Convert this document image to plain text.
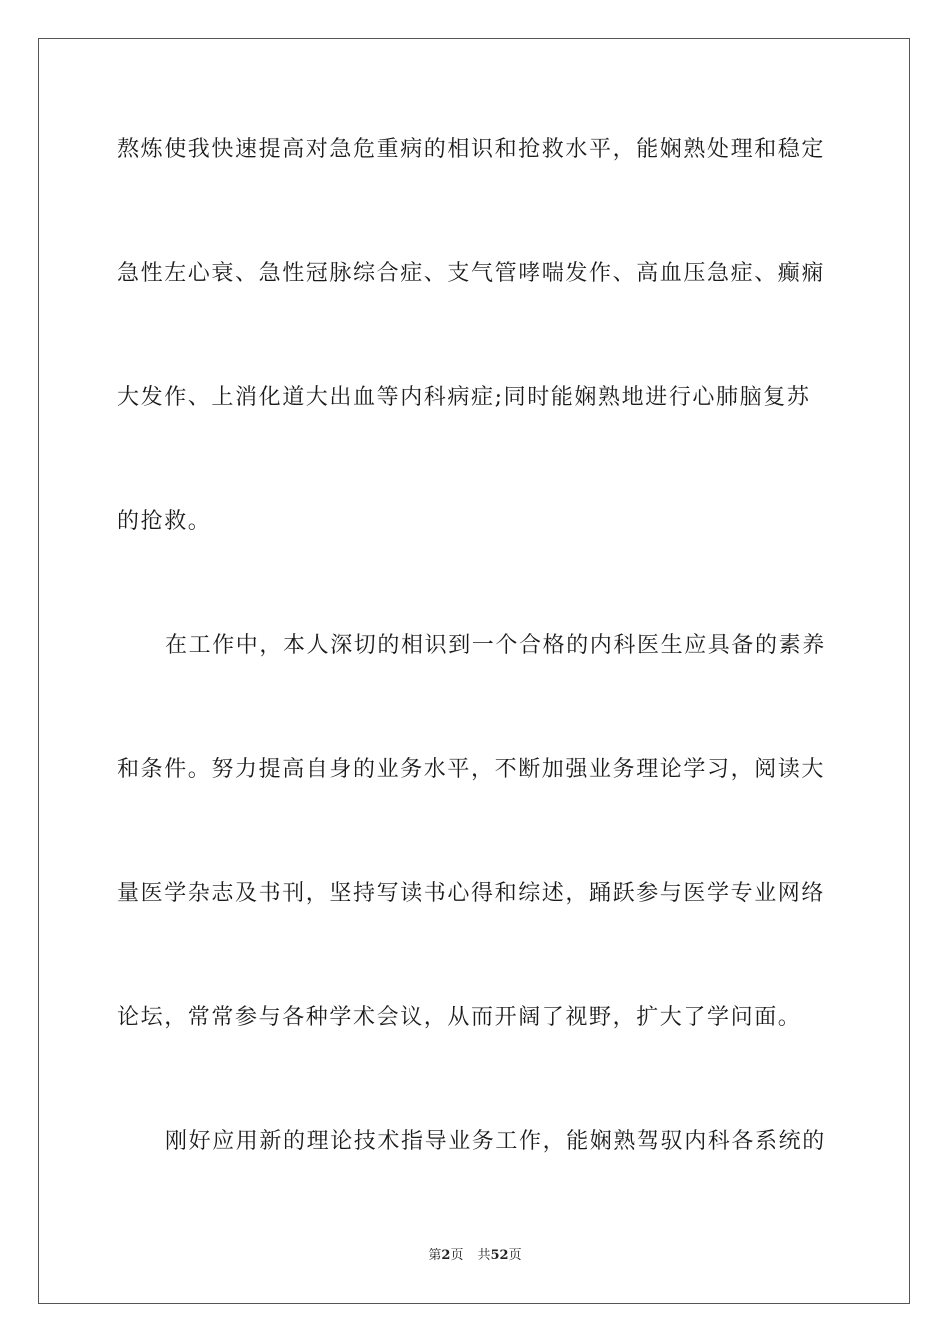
熬炼使我快速提高对急危重病的相识和抢救水平，能娴熟处理和稳定
急性左心衰、急性冠脉综合症、支气管哮喘发作、高血压急症、癫痫
大发作、上消化道大出血等内科病症;同时能娴熟地进行心肺脑复苏
的抢救。
在工作中，本人深切的相识到一个合格的内科医生应具备的素养
和条件。努力提高自身的业务水平，不断加强业务理论学习，阅读大
量医学杂志及书刊，坚持写读书心得和综述，踊跃参与医学专业网络
论坛，常常参与各种学术会议，从而开阔了视野，扩大了学问面。
刚好应用新的理论技术指导业务工作，能娴熟驾驭内科各系统的
第2页 共52页
